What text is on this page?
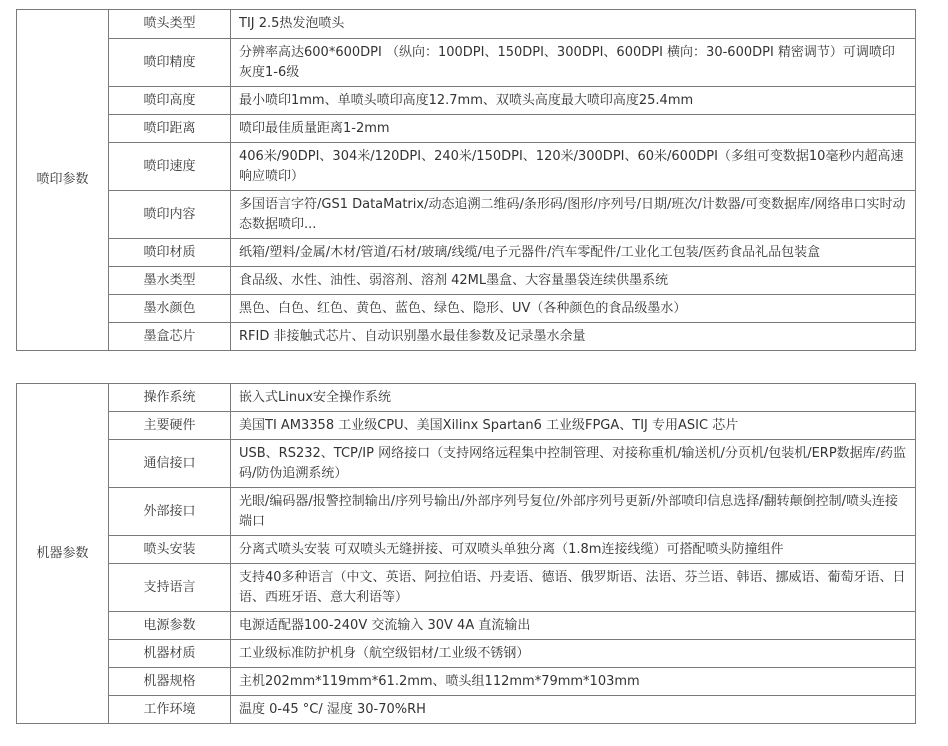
喷印参数	喷头类型	TIJ 2.5热发泡喷头
	喷印精度	分辨率高达600*600DPI （纵向：100DPI、150DPI、300DPI、600DPI 横向：30-600DPI 精密调节）可调喷印灰度1-6级
	喷印高度	最小喷印1mm、单喷头喷印高度12.7mm、双喷头高度最大喷印高度25.4mm
	喷印距离	喷印最佳质量距离1-2mm
	喷印速度	406米/90DPI、304米/120DPI、240米/150DPI、120米/300DPI、60米/600DPI（多组可变数据10毫秒内超高速响应喷印）
	喷印内容	多国语言字符/GS1 DataMatrix/动态追溯二维码/条形码/图形/序列号/日期/班次/计数器/可变数据库/网络串口实时动态数据喷印...
	喷印材质	纸箱/塑料/金属/木材/管道/石材/玻璃/线缆/电子元器件/汽车零配件/工业化工包装/医药食品礼品包装盒
	墨水类型	食品级、水性、油性、弱溶剂、溶剂 42ML墨盒、大容量墨袋连续供墨系统
	墨水颜色	黑色、白色、红色、黄色、蓝色、绿色、隐形、UV（各种颜色的食品级墨水）
	墨盒芯片	RFID 非接触式芯片、自动识别墨水最佳参数及记录墨水余量
机器参数	操作系统	嵌入式Linux安全操作系统
	主要硬件	美国TI AM3358 工业级CPU、美国Xilinx Spartan6 工业级FPGA、TIJ 专用ASIC 芯片
	通信接口	USB、RS232、TCP/IP 网络接口（支持网络远程集中控制管理、对接称重机/输送机/分页机/包装机/ERP数据库/药监码/防伪追溯系统）
	外部接口	光眼/编码器/报警控制输出/序列号输出/外部序列号复位/外部序列号更新/外部喷印信息选择/翻转颠倒控制/喷头连接端口
	喷头安装	分离式喷头安装 可双喷头无缝拼接、可双喷头单独分离（1.8m连接线缆）可搭配喷头防撞组件
	支持语言	支持40多种语言（中文、英语、阿拉伯语、丹麦语、德语、俄罗斯语、法语、芬兰语、韩语、挪威语、葡萄牙语、日语、西班牙语、意大利语等）
	电源参数	电源适配器100-240V 交流输入 30V 4A 直流输出
	机器材质	工业级标准防护机身（航空级铝材/工业级不锈钢）
	机器规格	主机202mm*119mm*61.2mm、喷头组112mm*79mm*103mm
	工作环境	温度 0-45 °C/ 湿度 30-70%RH
